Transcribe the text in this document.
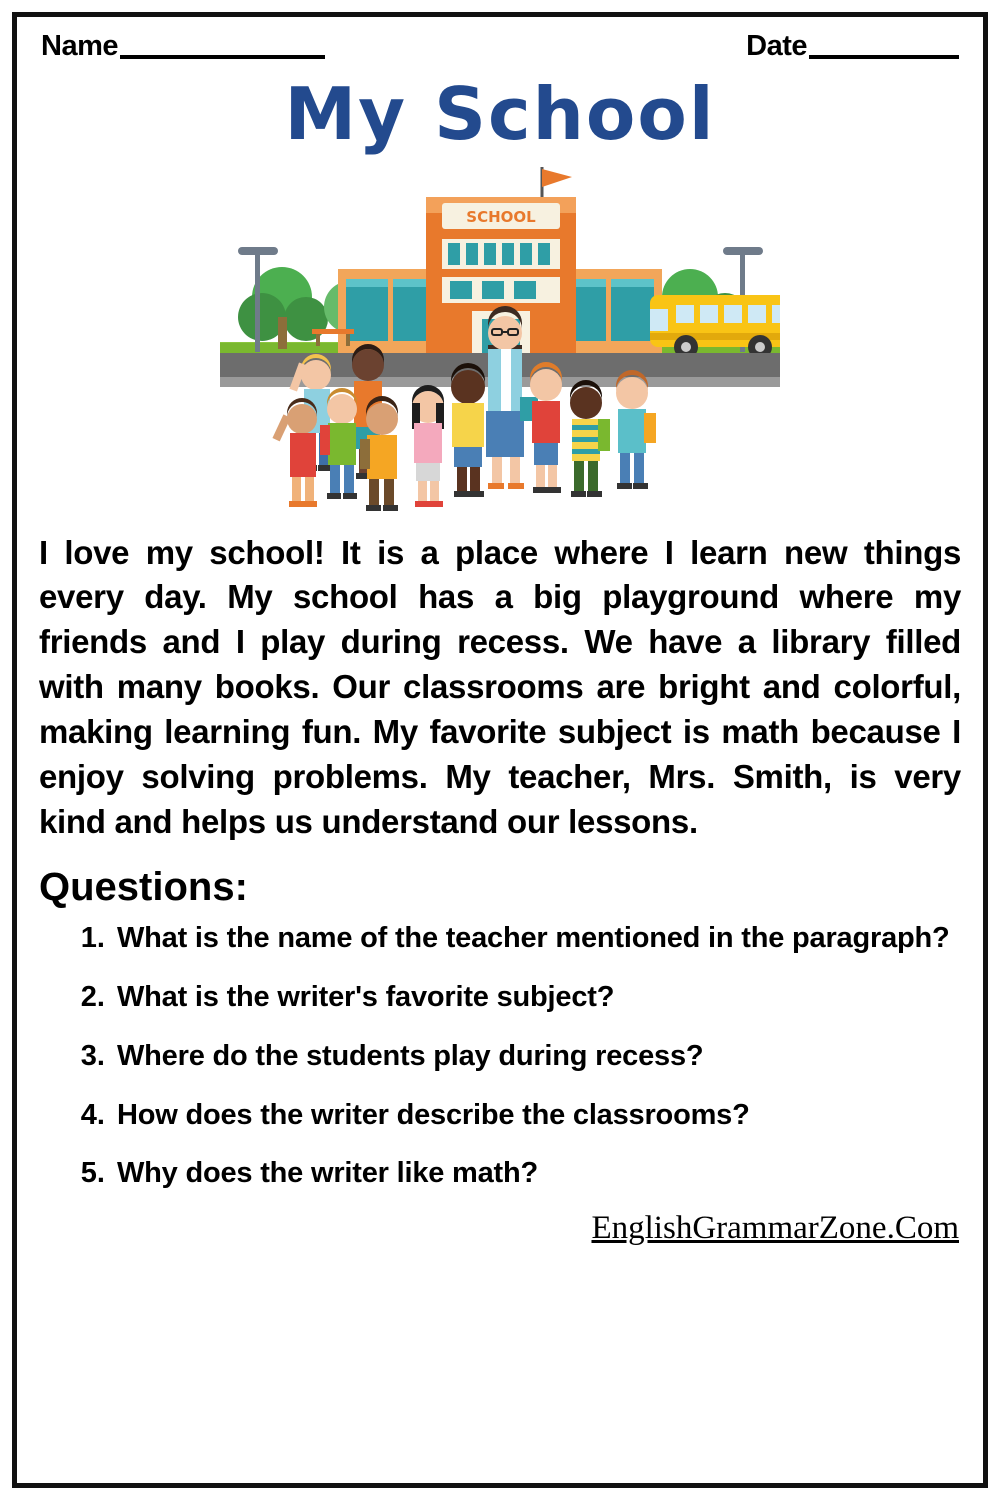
Name	Date
My School
SCHOOL

I love my school! It is a place where I learn new things every day. My school has a big playground where my friends and I play during recess. We have a library filled with many books. Our classrooms are bright and colorful, making learning fun. My favorite subject is math because I enjoy solving problems. My teacher, Mrs. Smith, is very kind and helps us understand our lessons.

Questions:
1. What is the name of the teacher mentioned in the paragraph?
2. What is the writer's favorite subject?
3. Where do the students play during recess?
4. How does the writer describe the classrooms?
5. Why does the writer like math?
EnglishGrammarZone.Com
